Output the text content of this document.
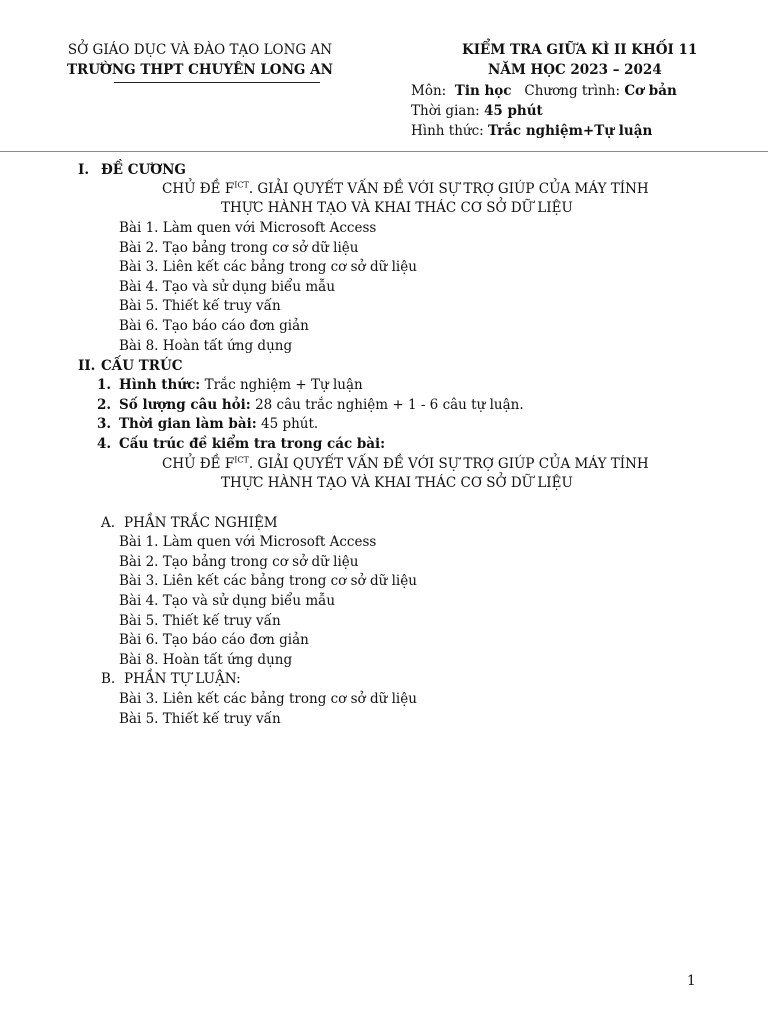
SỞ GIÁO DỤC VÀ ĐÀO TẠO LONG AN
TRƯỜNG THPT CHUYÊN LONG AN
KIỂM TRA GIỮA KÌ II KHỐI 11
NĂM HỌC 2023 – 2024
Môn: Tin học Chương trình: Cơ bản
Thời gian: 45 phút
Hình thức: Trắc nghiệm+Tự luận
I. ĐỀ CƯƠNG
CHỦ ĐỀ $F^{ICT}$. GIẢI QUYẾT VẤN ĐỀ VỚI SỰ TRỢ GIÚP CỦA MÁY TÍNH
THỰC HÀNH TẠO VÀ KHAI THÁC CƠ SỞ DỮ LIỆU
Bài 1. Làm quen với Microsoft Access
Bài 2. Tạo bảng trong cơ sở dữ liệu
Bài 3. Liên kết các bảng trong cơ sở dữ liệu
Bài 4. Tạo và sử dụng biểu mẫu
Bài 5. Thiết kế truy vấn
Bài 6. Tạo báo cáo đơn giản
Bài 8. Hoàn tất ứng dụng
II. CẤU TRÚC
1. Hình thức: Trắc nghiệm + Tự luận
2. Số lượng câu hỏi: 28 câu trắc nghiệm + 1 - 6 câu tự luận.
3. Thời gian làm bài: 45 phút.
4. Cấu trúc đề kiểm tra trong các bài:
CHỦ ĐỀ $F^{ICT}$. GIẢI QUYẾT VẤN ĐỀ VỚI SỰ TRỢ GIÚP CỦA MÁY TÍNH
THỰC HÀNH TẠO VÀ KHAI THÁC CƠ SỞ DỮ LIỆU
A. PHẦN TRẮC NGHIỆM
Bài 1. Làm quen với Microsoft Access
Bài 2. Tạo bảng trong cơ sở dữ liệu
Bài 3. Liên kết các bảng trong cơ sở dữ liệu
Bài 4. Tạo và sử dụng biểu mẫu
Bài 5. Thiết kế truy vấn
Bài 6. Tạo báo cáo đơn giản
Bài 8. Hoàn tất ứng dụng
B. PHẦN TỰ LUẬN:
Bài 3. Liên kết các bảng trong cơ sở dữ liệu
Bài 5. Thiết kế truy vấn
1
